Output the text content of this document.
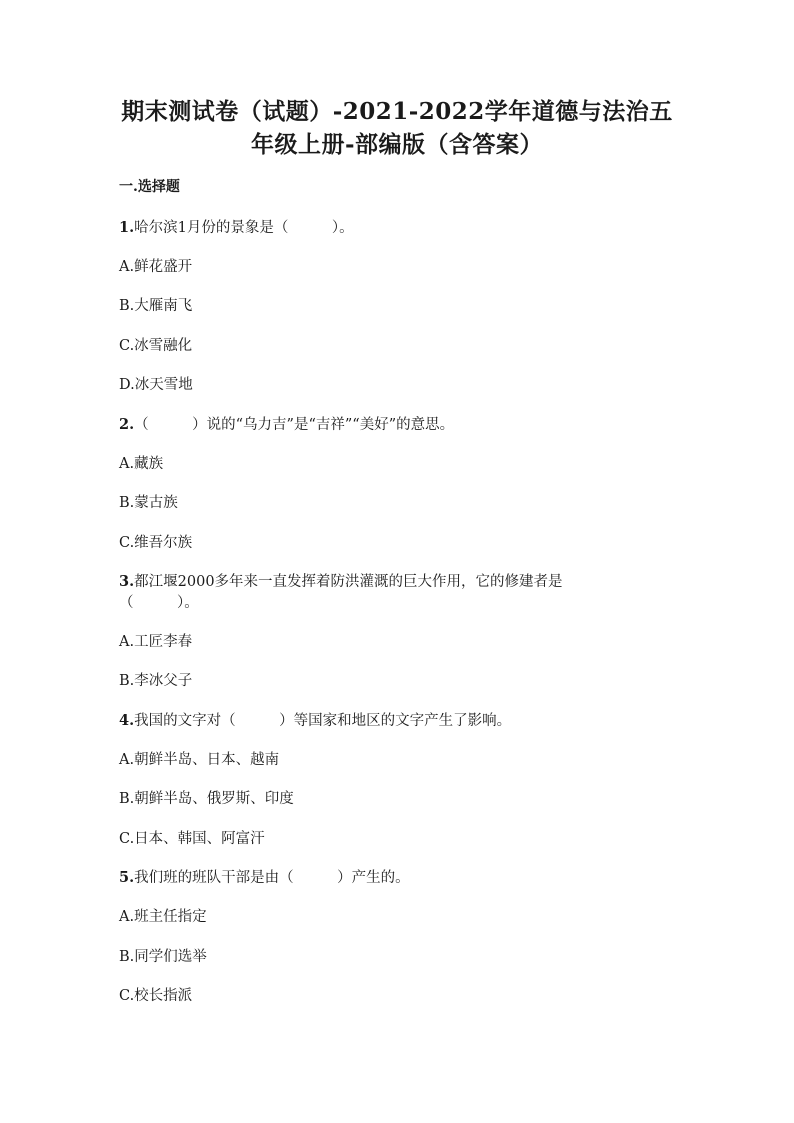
期末测试卷（试题）-2021-2022学年道德与法治五
年级上册-部编版（含答案）
一.选择题
1.哈尔滨1月份的景象是（　　　）。
A.鲜花盛开
B.大雁南飞
C.冰雪融化
D.冰天雪地
2.（　　　）说的“乌力吉”是“吉祥”“美好”的意思。
A.藏族
B.蒙古族
C.维吾尔族
3.都江堰2000多年来一直发挥着防洪灌溉的巨大作用，它的修建者是
（　　　）。
A.工匠李春
B.李冰父子
4.我国的文字对（　　　）等国家和地区的文字产生了影响。
A.朝鲜半岛、日本、越南
B.朝鲜半岛、俄罗斯、印度
C.日本、韩国、阿富汗
5.我们班的班队干部是由（　　　）产生的。
A.班主任指定
B.同学们选举
C.校长指派
